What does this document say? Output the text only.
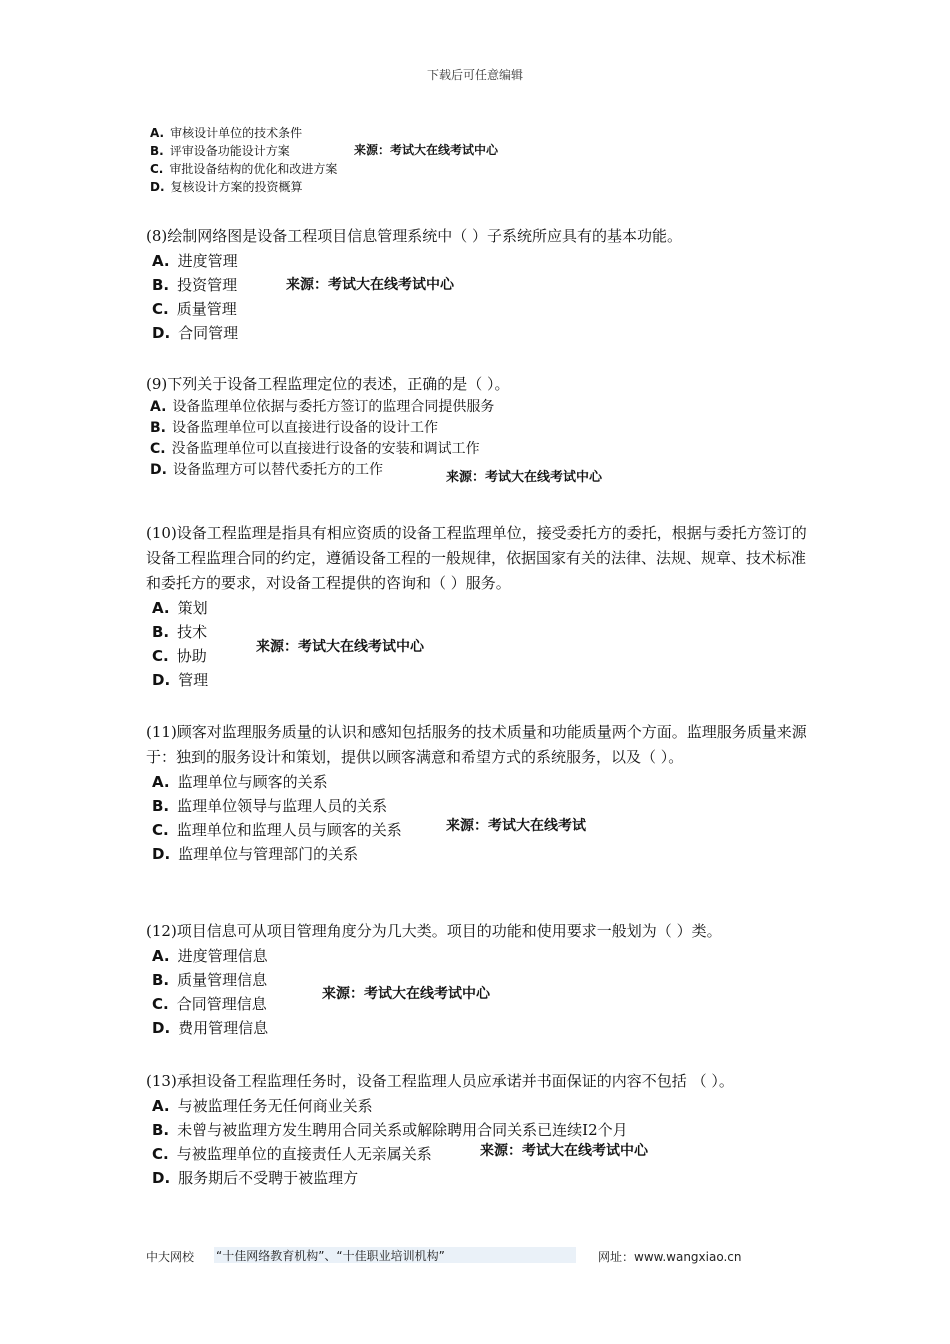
下载后可任意编辑

A. 审核设计单位的技术条件

B. 评审设备功能设计方案

C. 审批设备结构的优化和改进方案

D. 复核设计方案的投资概算

来源：考试大在线考试中心

(8)绘制网络图是设备工程项目信息管理系统中（ ）子系统所应具有的基本功能。

A. 进度管理

B. 投资管理

C. 质量管理

D. 合同管理

来源：考试大在线考试中心

(9)下列关于设备工程监理定位的表述，正确的是（ ）。

A. 设备监理单位依据与委托方签订的监理合同提供服务

B. 设备监理单位可以直接进行设备的设计工作

C. 没备监理单位可以直接进行设备的安装和调试工作

D. 设备监理方可以替代委托方的工作	来源：考试大在线考试中心

(10)设备工程监理是指具有相应资质的设备工程监理单位，接受委托方的委托，根据与委托方签订的设备工程监理合同的约定，遵循设备工程的一般规律，依据国家有关的法律、法规、规章、技术标准和委托方的要求，对设备工程提供的咨询和（ ）服务。

A. 策划

B. 技术

C. 协助

D. 管理

来源：考试大在线考试中心

(11)顾客对监理服务质量的认识和感知包括服务的技术质量和功能质量两个方面。监理服务质量来源于：独到的服务设计和策划，提供以顾客满意和希望方式的系统服务，以及（ ）。

A. 监理单位与顾客的关系

B. 监理单位领导与监理人员的关系

C. 监理单位和监理人员与顾客的关系

D. 监理单位与管理部门的关系

来源：考试大在线考试

(12)项目信息可从项目管理角度分为几大类。项目的功能和使用要求一般划为（ ）类。

A. 进度管理信息

B. 质量管理信息

C. 合同管理信息

D. 费用管理信息

来源：考试大在线考试中心

(13)承担设备工程监理任务时，设备工程监理人员应承诺并书面保证的内容不包括 （ ）。

A. 与被监理任务无任何商业关系

B. 未曾与被监理方发生聘用合同关系或解除聘用合同关系已连续I2个月

C. 与被监理单位的直接责任人无亲属关系

D. 服务期后不受聘于被监理方

来源：考试大在线考试中心
中大网校 “十佳网络教育机构”、“十佳职业培训机构”	网址：www.wangxiao.cn
